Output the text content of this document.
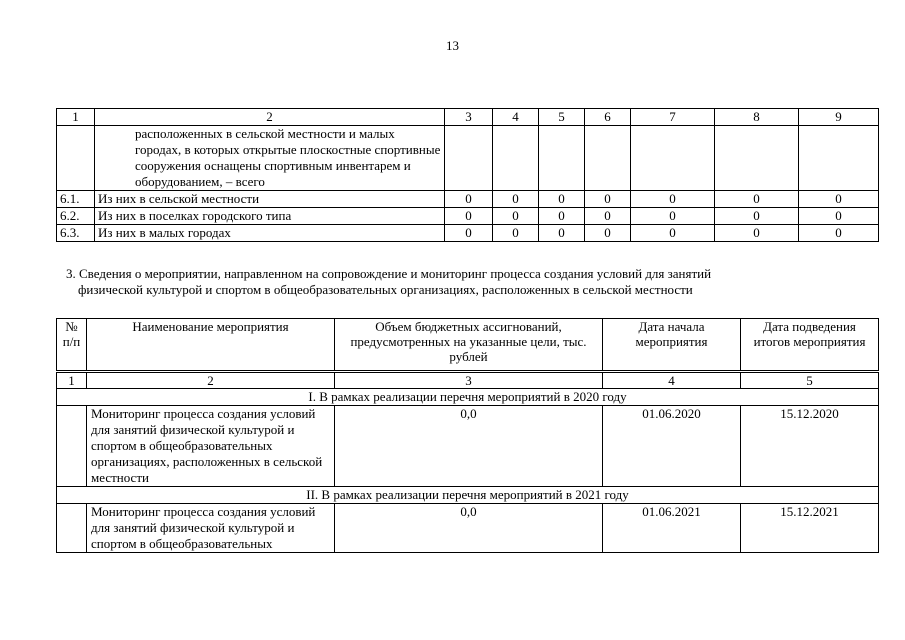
13
1	2	3	4	5	6	7	8	9
	расположенных в сельской местности и малых городах, в которых открытые плоскостные спортивные сооружения оснащены спортивным инвентарем и оборудованием, – всего							
6.1.	Из них в сельской местности	0	0	0	0	0	0	0
6.2.	Из них в поселках городского типа	0	0	0	0	0	0	0
6.3.	Из них в малых городах	0	0	0	0	0	0	0
3. Сведения о мероприятии, направленном на сопровождение и мониторинг процесса создания условий для занятий
физической культурой и спортом в общеобразовательных организациях, расположенных в сельской местности
№ п/п	Наименование мероприятия	Объем бюджетных ассигнований, предусмотренных на указанные цели, тыс. рублей	Дата начала мероприятия	Дата подведения итогов мероприятия

1	2	3	4	5
I. В рамках реализации перечня мероприятий в 2020 году				
	Мониторинг процесса создания условий для занятий физической культурой и спортом в общеобразовательных организациях, расположенных в сельской местности	0,0	01.06.2020	15.12.2020
II. В рамках реализации перечня мероприятий в 2021 году				
	Мониторинг процесса создания условий для занятий физической культурой и спортом в общеобразовательных	0,0	01.06.2021	15.12.2021
